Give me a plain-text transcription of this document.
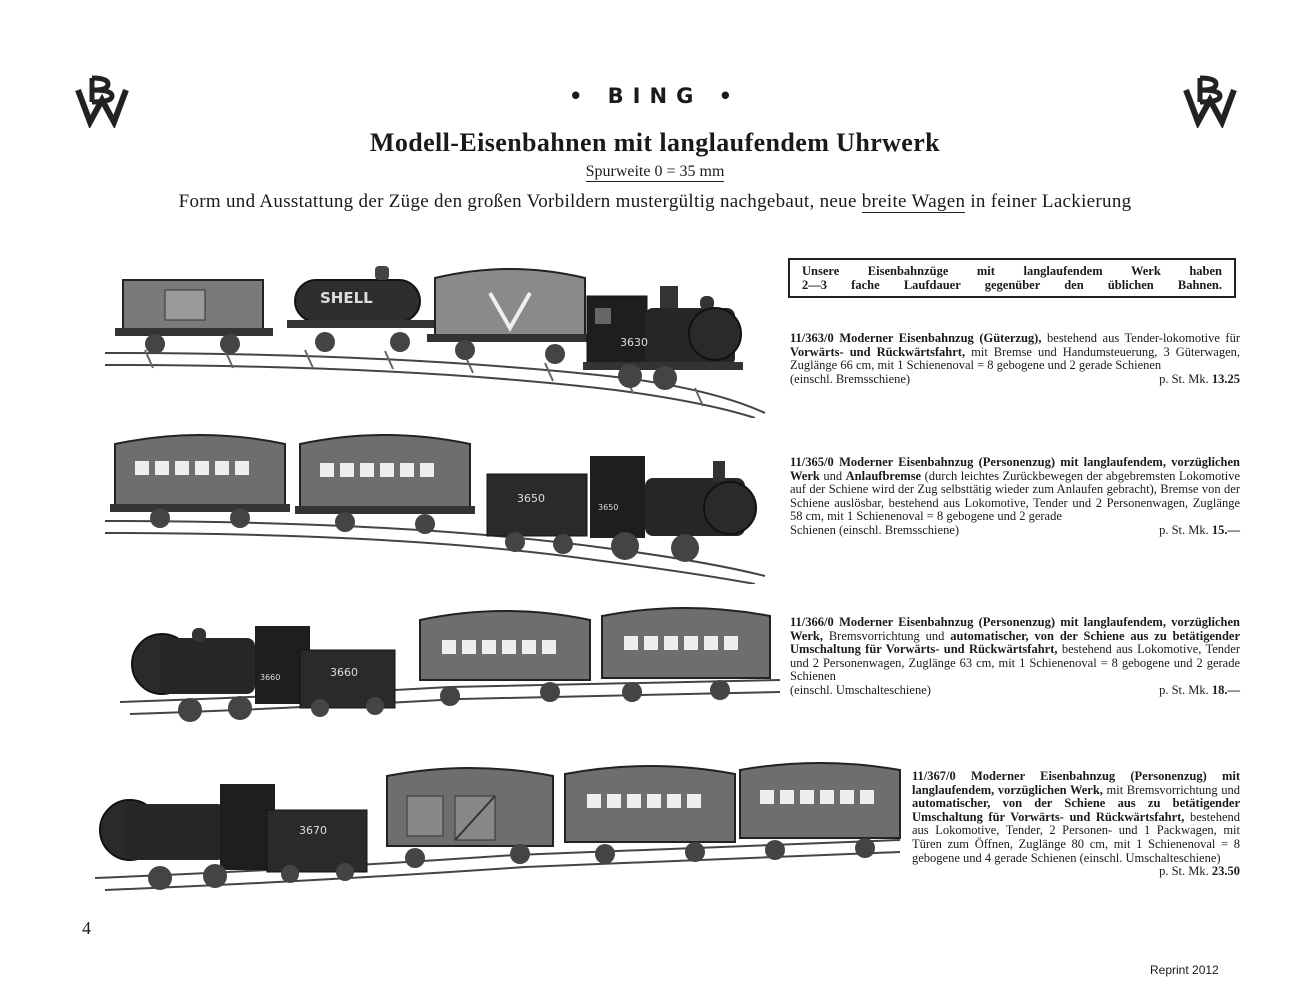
• BING •
Modell-Eisenbahnen mit langlaufendem Uhrwerk
Spurweite 0 = 35 mm
Form und Ausstattung der Züge den großen Vorbildern mustergültig nachgebaut, neue breite Wagen in feiner Lackierung
Unsere Eisenbahnzüge mit langlaufendem Werk haben
2—3 fache Laufdauer gegenüber den üblichen Bahnen.
SHELL
3630
3650
3650
3660	3660
3670
11/363/0 Moderner Eisenbahnzug (Güterzug), bestehend aus Tender-lokomotive für Vorwärts- und Rückwärtsfahrt, mit Bremse und Handumsteuerung, 3 Güterwagen, Zuglänge 66 cm, mit 1 Schienenoval = 8 gebogene und 2 gerade Schienen
(einschl. Bremsschiene)	p. St. Mk. 13.25
11/365/0 Moderner Eisenbahnzug (Personenzug) mit langlaufendem, vorzüglichen Werk und Anlaufbremse (durch leichtes Zurückbewegen der abgebremsten Lokomotive auf der Schiene wird der Zug selbsttätig wieder zum Anlaufen gebracht), Bremse von der Schiene auslösbar, bestehend aus Lokomotive, Tender und 2 Personenwagen, Zuglänge 58 cm, mit 1 Schienenoval = 8 gebogene und 2 gerade
Schienen (einschl. Bremsschiene)	p. St. Mk. 15.—
11/366/0 Moderner Eisenbahnzug (Personenzug) mit langlaufendem, vorzüglichen Werk, Bremsvorrichtung und automatischer, von der Schiene aus zu betätigender Umschaltung für Vorwärts- und Rückwärtsfahrt, bestehend aus Lokomotive, Tender und 2 Personenwagen, Zuglänge 63 cm, mit 1 Schienenoval = 8 gebogene und 2 gerade Schienen
(einschl. Umschalteschiene)	p. St. Mk. 18.—
11/367/0 Moderner Eisenbahnzug (Personenzug) mit langlaufendem, vorzüglichen Werk, mit Bremsvorrichtung und automatischer, von der Schiene aus zu betätigender Umschaltung für Vorwärts- und Rückwärtsfahrt, bestehend aus Lokomotive, Tender, 2 Personen- und 1 Packwagen, mit Türen zum Öffnen, Zuglänge 80 cm, mit 1 Schienenoval = 8 gebogene und 4 gerade Schienen (einschl. Umschalteschiene)
p. St. Mk. 23.50
4
Reprint 2012
